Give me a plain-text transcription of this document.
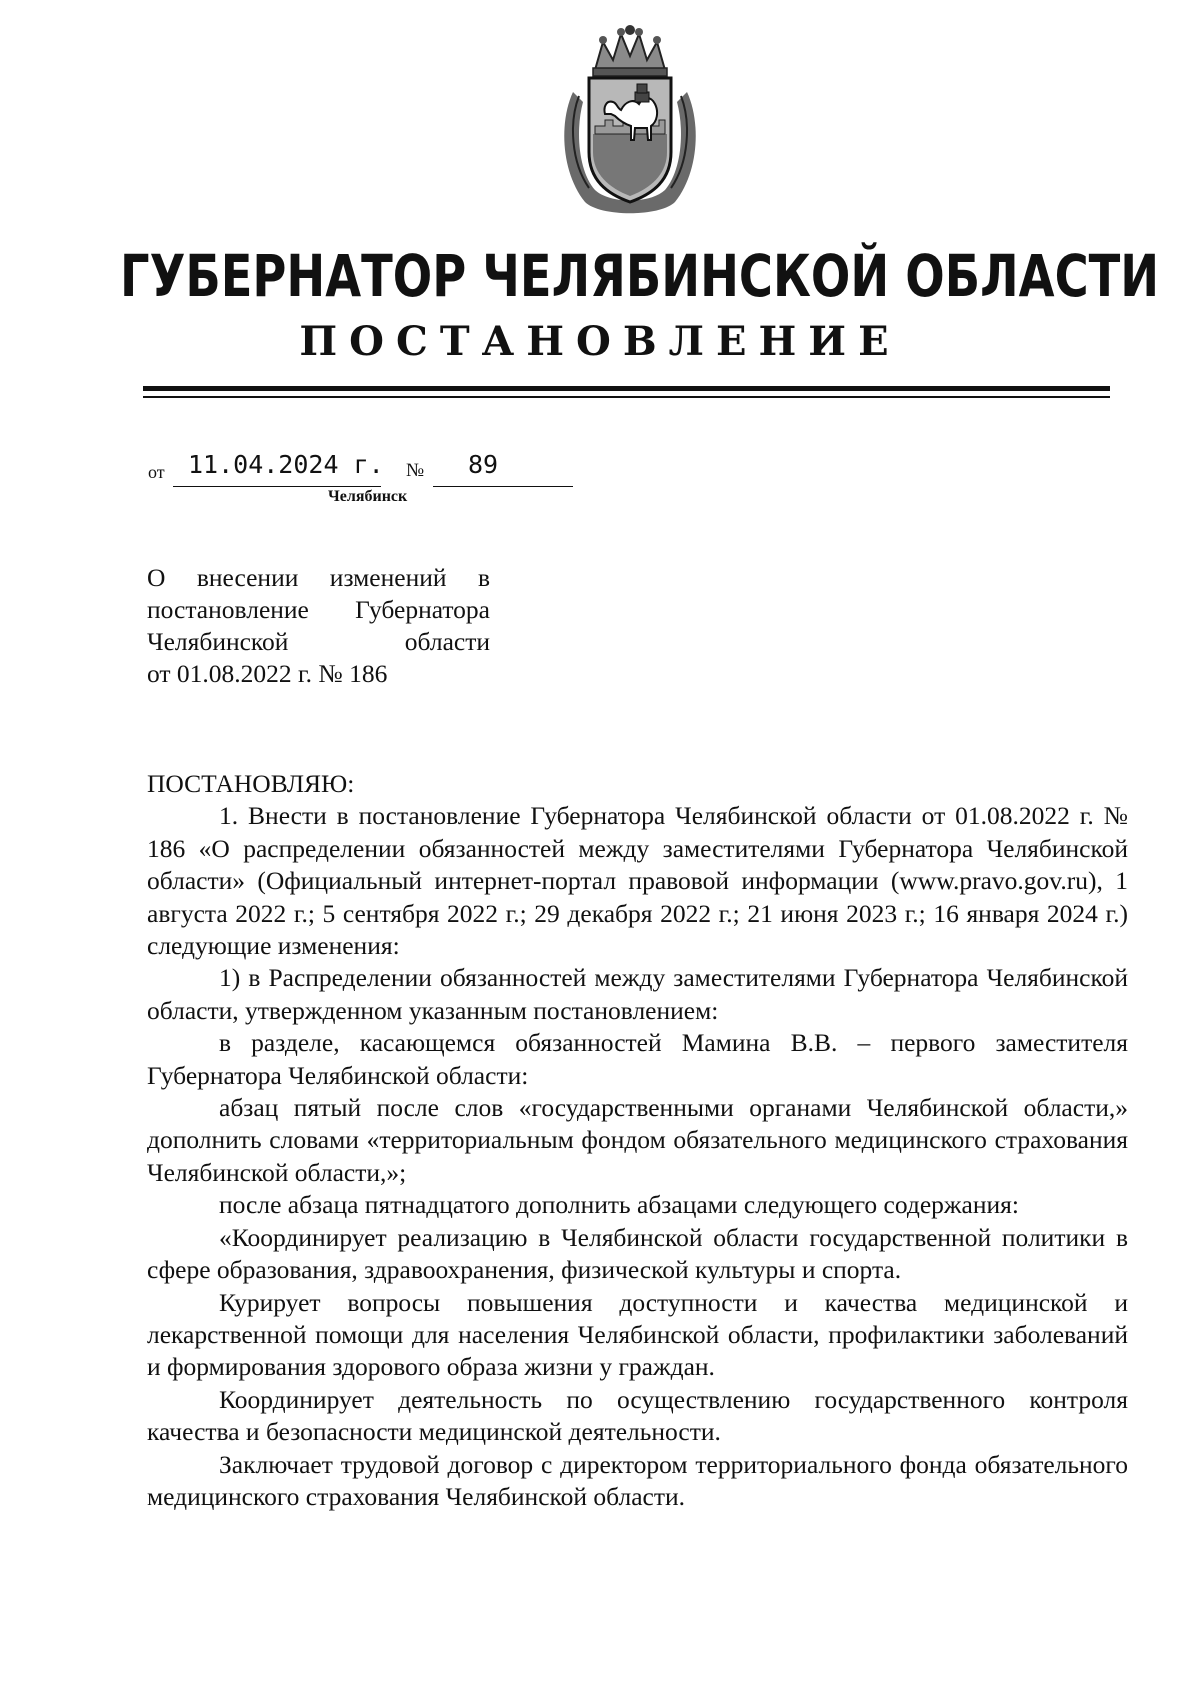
ГУБЕРНАТОР ЧЕЛЯБИНСКОЙ ОБЛАСТИ
ПОСТАНОВЛЕНИЕ
от 11.04.2024 г. № 89
Челябинск
О внесении изменений в
постановление Губернатора
Челябинской области
от 01.08.2022 г. № 186

ПОСТАНОВЛЯЮ:

1. Внести в постановление Губернатора Челябинской области от 01.08.2022 г. № 186 «О распределении обязанностей между заместителями Губернатора Челябинской области» (Официальный интернет-портал правовой информации (www.pravo.gov.ru), 1 августа 2022 г.; 5 сентября 2022 г.; 29 декабря 2022 г.; 21 июня 2023 г.; 16 января 2024 г.) следующие изменения:

1) в Распределении обязанностей между заместителями Губернатора Челябинской области, утвержденном указанным постановлением:

в разделе, касающемся обязанностей Мамина В.В. – первого заместителя Губернатора Челябинской области:

абзац пятый после слов «государственными органами Челябинской области,» дополнить словами «территориальным фондом обязательного медицинского страхования Челябинской области,»;

после абзаца пятнадцатого дополнить абзацами следующего содержания:

«Координирует реализацию в Челябинской области государственной политики в сфере образования, здравоохранения, физической культуры и спорта.

Курирует вопросы повышения доступности и качества медицинской и лекарственной помощи для населения Челябинской области, профилактики заболеваний и формирования здорового образа жизни у граждан.

Координирует деятельность по осуществлению государственного контроля качества и безопасности медицинской деятельности.

Заключает трудовой договор с директором территориального фонда обязательного медицинского страхования Челябинской области.
